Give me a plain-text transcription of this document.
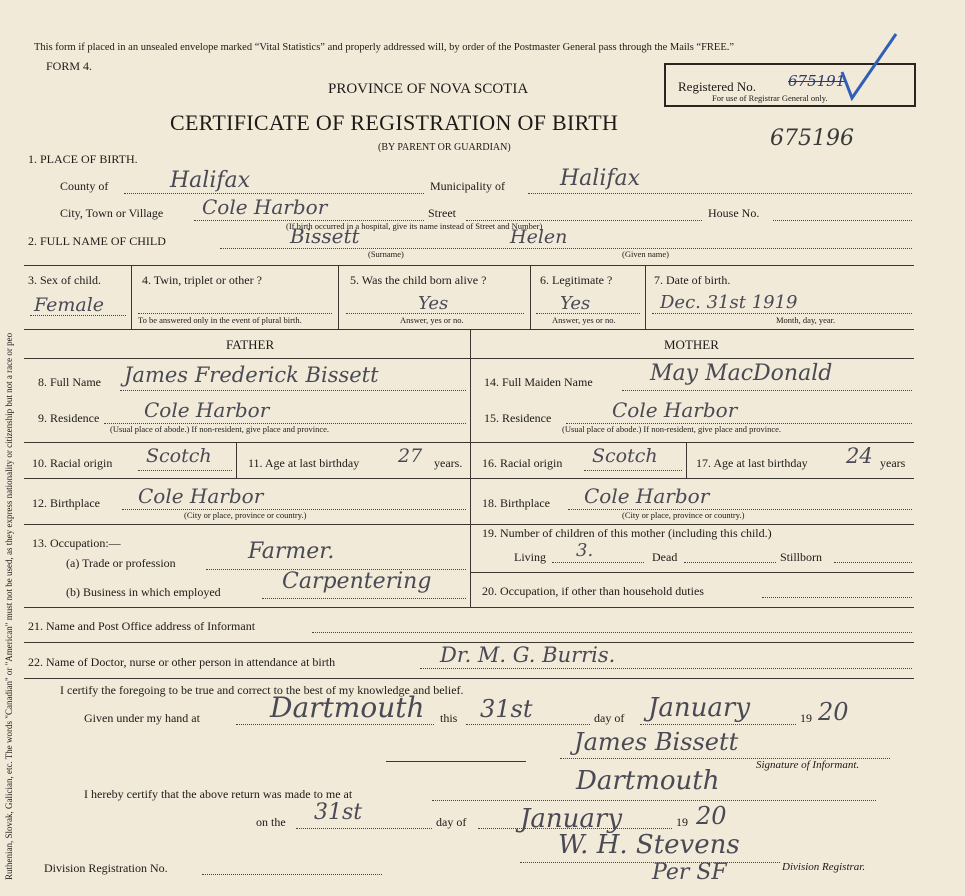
Ruthenian, Slovak, Galician, etc. The words "Canadian" or "American" must not be used, as they express nationality or citizenship but not a race or peo
This form if placed in an unsealed envelope marked “Vital Statistics” and properly addressed will, by order of the Postmaster General pass through the Mails “FREE.”
FORM 4.
PROVINCE OF NOVA SCOTIA
CERTIFICATE OF REGISTRATION OF BIRTH
(BY PARENT OR GUARDIAN)
Registered No. 675191
For use of Registrar General only.
675196
1. PLACE OF BIRTH.
County of	Halifax	Municipality of	Halifax
City, Town or Village Cole Harbor	Street
(If birth occurred in a hospital, give its name instead of Street and Number)
House No.
2. FULL NAME OF CHILD	Bissett	Helen
(Surname)	(Given name)
3. Sex of child.
Female
4. Twin, triplet or other ?
To be answered only in the event of plural birth.
5. Was the child born alive ?
Yes
Answer, yes or no.
6. Legitimate ?
Yes
Answer, yes or no.
7. Date of birth.
Dec. 31st 1919
Month, day, year.
FATHER
8. Full Name James Frederick Bissett
9. Residence Cole Harbor
(Usual place of abode.) If non-resident, give place and province.
10. Racial origin Scotch	11. Age at last birthday 27 years.
12. Birthplace Cole Harbor
(City or place, province or country.)
13. Occupation:—
(a) Trade or profession	Farmer.
(b) Business in which employed	Carpentering
MOTHER
14. Full Maiden Name	May MacDonald
15. Residence	Cole Harbor
(Usual place of abode.) If non-resident, give place and province.
16. Racial origin Scotch	17. Age at last birthday 24 years
18. Birthplace Cole Harbor
(City or place, province or country.)
19. Number of children of this mother (including this child.)
Living 3.	Dead	Stillborn
20. Occupation, if other than household duties
21. Name and Post Office address of Informant
22. Name of Doctor, nurse or other person in attendance at birth	Dr. M. G. Burris.
I certify the foregoing to be true and correct to the best of my knowledge and belief.
Given under my hand at	Dartmouth this 31st	day of January	19 20
James Bissett
Signature of Informant.
I hereby certify that the above return was made to me at	Dartmouth
on the 31st	day of January	19 20
Division Registration No.
W. H. Stevens
Division Registrar.
Per SF
